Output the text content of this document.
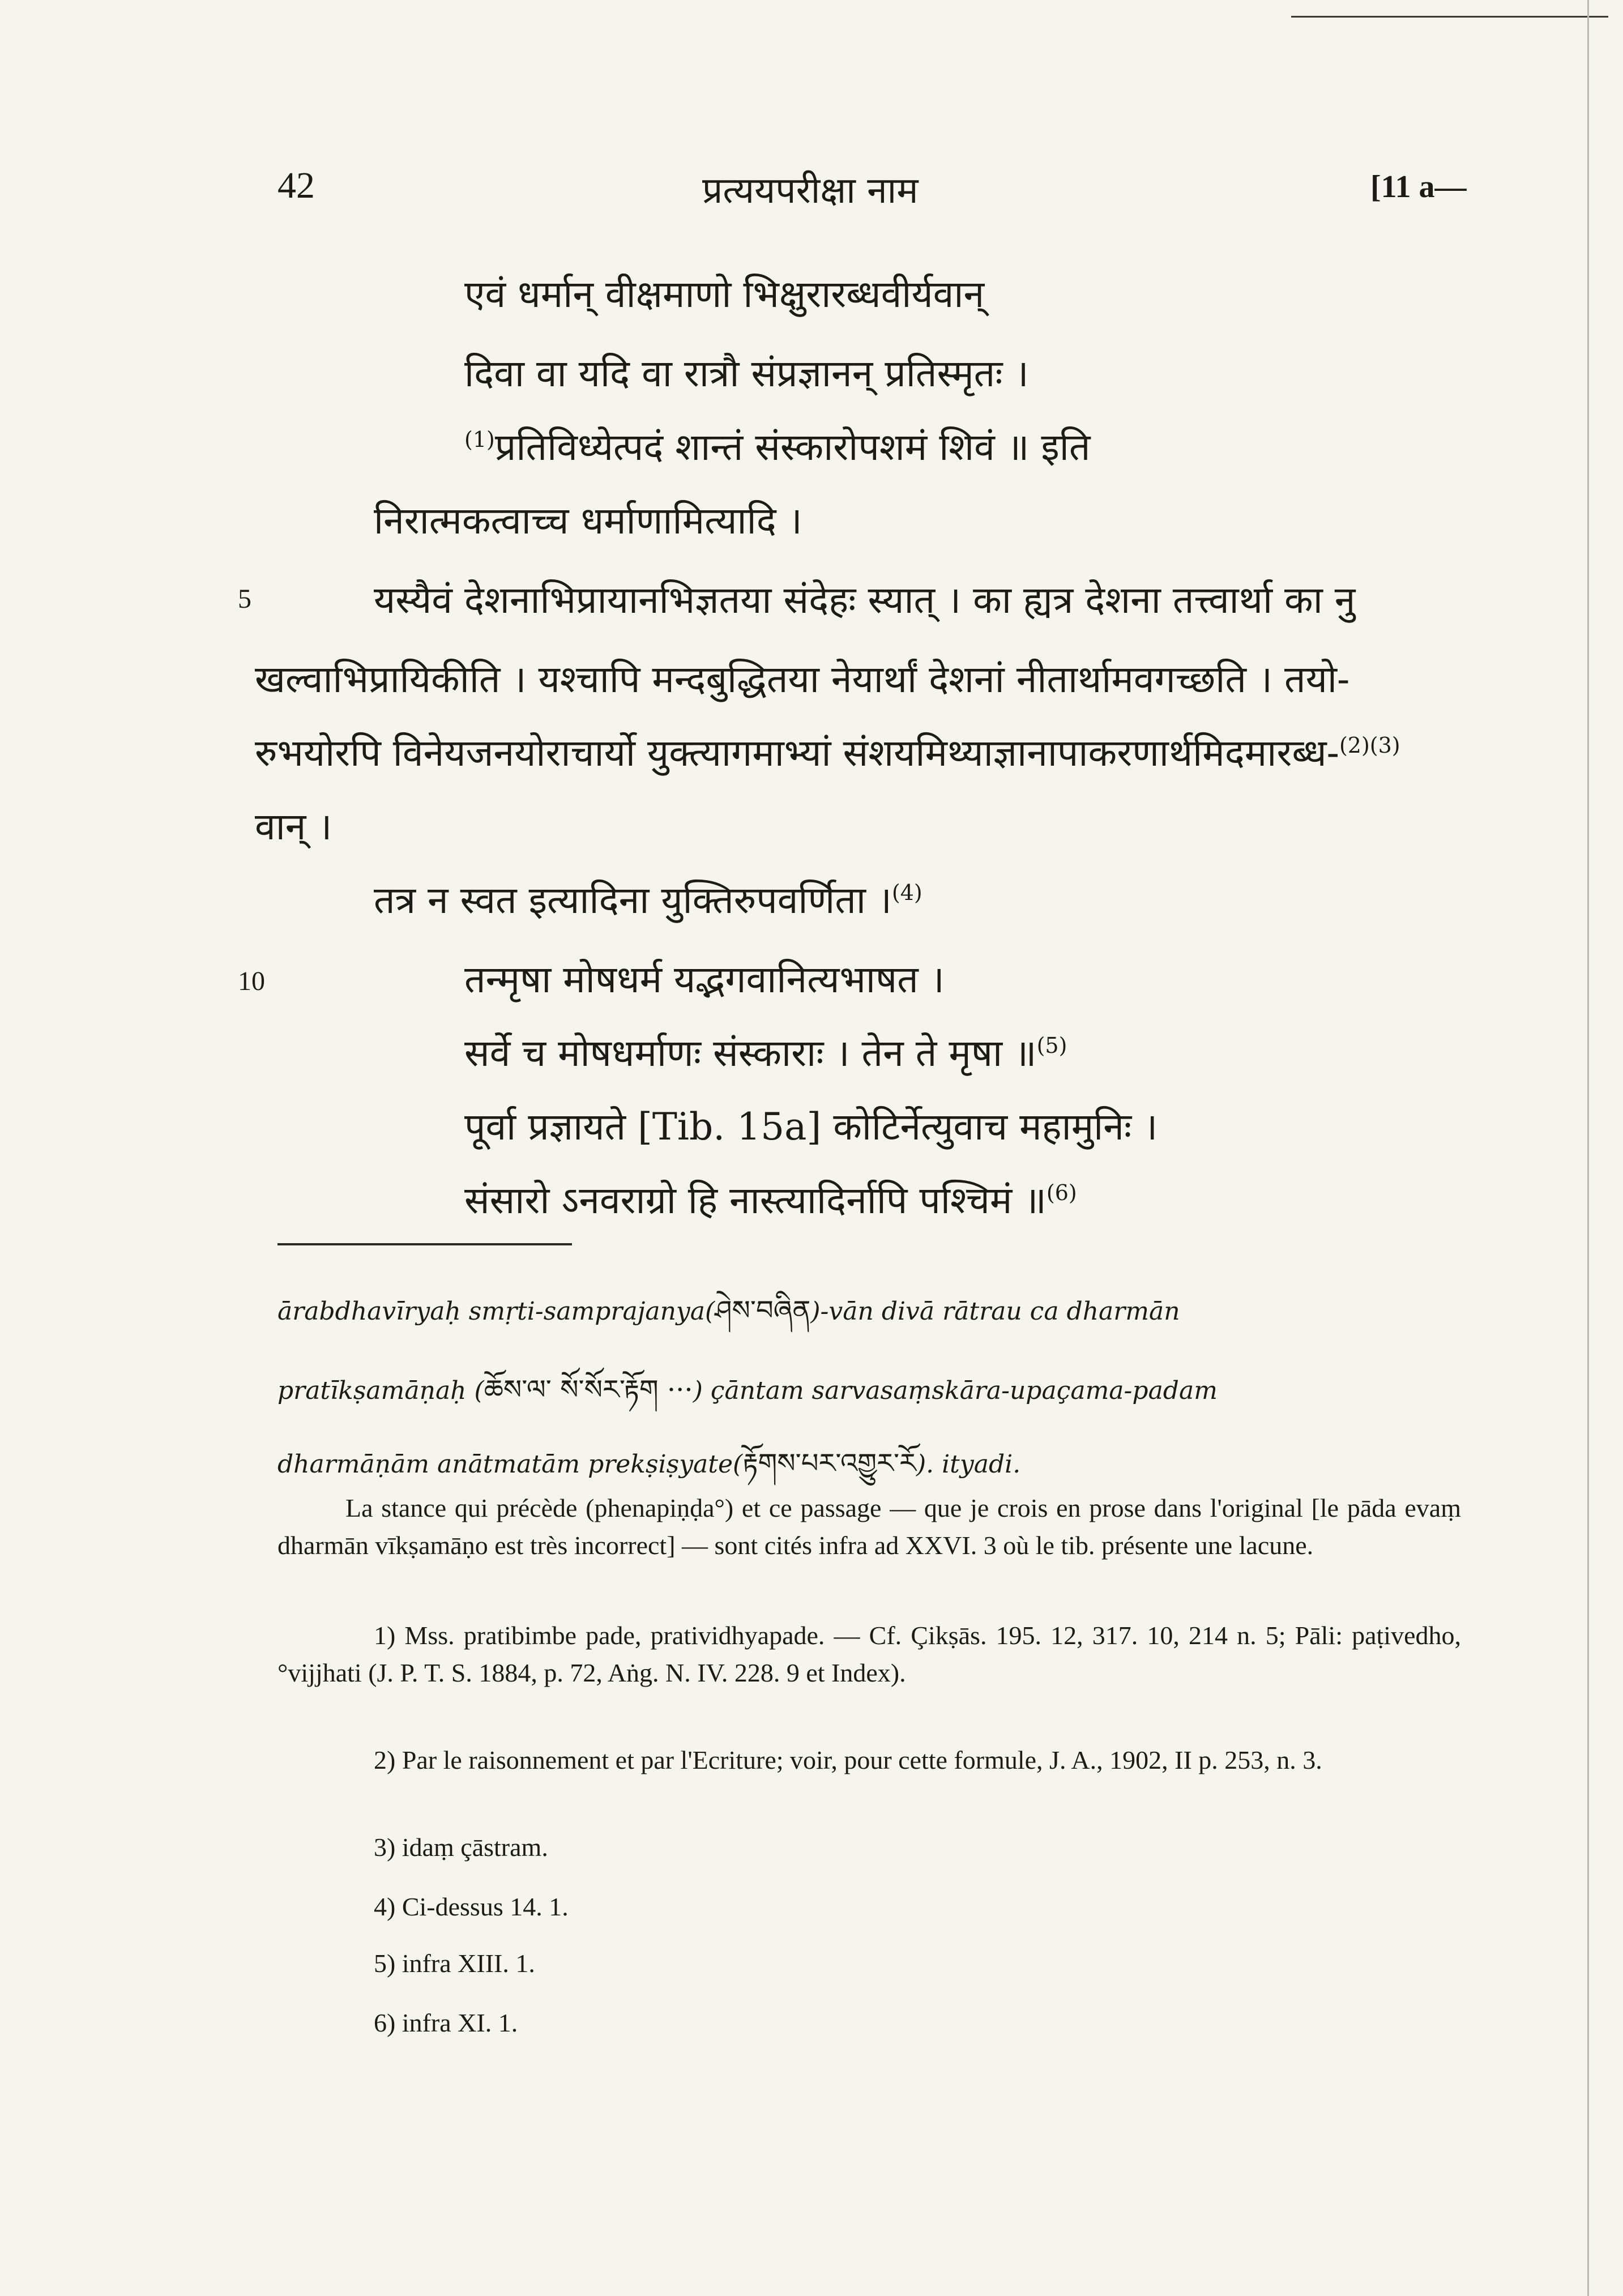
42	प्रत्ययपरीक्षा नाम	[11 a—
5
10
एवं धर्मान् वीक्षमाणो भिक्षुरारब्धवीर्यवान्
दिवा वा यदि वा रात्रौ संप्रज्ञानन् प्रतिस्मृतः ।
$^{(1)}$प्रतिविध्येत्पदं शान्तं संस्कारोपशमं शिवं ॥ इति
निरात्मकत्वाच्च धर्माणामित्यादि ।
यस्यैवं देशनाभिप्रायानभिज्ञतया संदेहः स्यात् । का ह्यत्र देशना तत्त्वार्था का नु
खल्वाभिप्रायिकीति । यश्चापि मन्दबुद्धितया नेयार्थां देशनां नीतार्थामवगच्छति । तयो-
रुभयोरपि विनेयजनयोराचार्यो युक्त्यागमाभ्यां संशयमिथ्याज्ञानापाकरणार्थमिदमारब्ध-$^{(2)(3)}$
वान् ।
तत्र न स्वत इत्यादिना युक्तिरुपवर्णिता ।$^{(4)}$
तन्मृषा मोषधर्म यद्भगवानित्यभाषत ।
सर्वे च मोषधर्माणः संस्काराः । तेन ते मृषा ॥$^{(5)}$
पूर्वा प्रज्ञायते [Tib. 15a] कोटिर्नेत्युवाच महामुनिः ।
संसारो ऽनवराग्रो हि नास्त्यादिर्नापि पश्चिमं ॥$^{(6)}$
ārabdhavīryaḥ smṛti-samprajanya(ཤེས་བཞིན)-vān divā rātrau ca dharmān
pratīkṣamāṇaḥ (ཆོས་ལ་ སོ་སོར་རྟོག ···) çāntam sarvasaṃskāra-upaçama-padam
dharmāṇām anātmatām prekṣiṣyate(རྟོགས་པར་འགྱུར་རོ). ityadi.
La stance qui précède (phenapiṇḍa°) et ce passage — que je crois en prose dans l'original [le pāda evaṃ dharmān vīkṣamāṇo est très incorrect] — sont cités infra ad XXVI. 3 où le tib. présente une lacune.
1) Mss. pratibimbe pade, pratividhyapade. — Cf. Çikṣās. 195. 12, 317. 10, 214 n. 5; Pāli: paṭivedho, °vijjhati (J. P. T. S. 1884, p. 72, Aṅg. N. IV. 228. 9 et Index).
2) Par le raisonnement et par l'Ecriture; voir, pour cette formule, J. A., 1902, II p. 253, n. 3.
3) idaṃ çāstram.
4) Ci-dessus 14. 1.
5) infra XIII. 1.
6) infra XI. 1.
